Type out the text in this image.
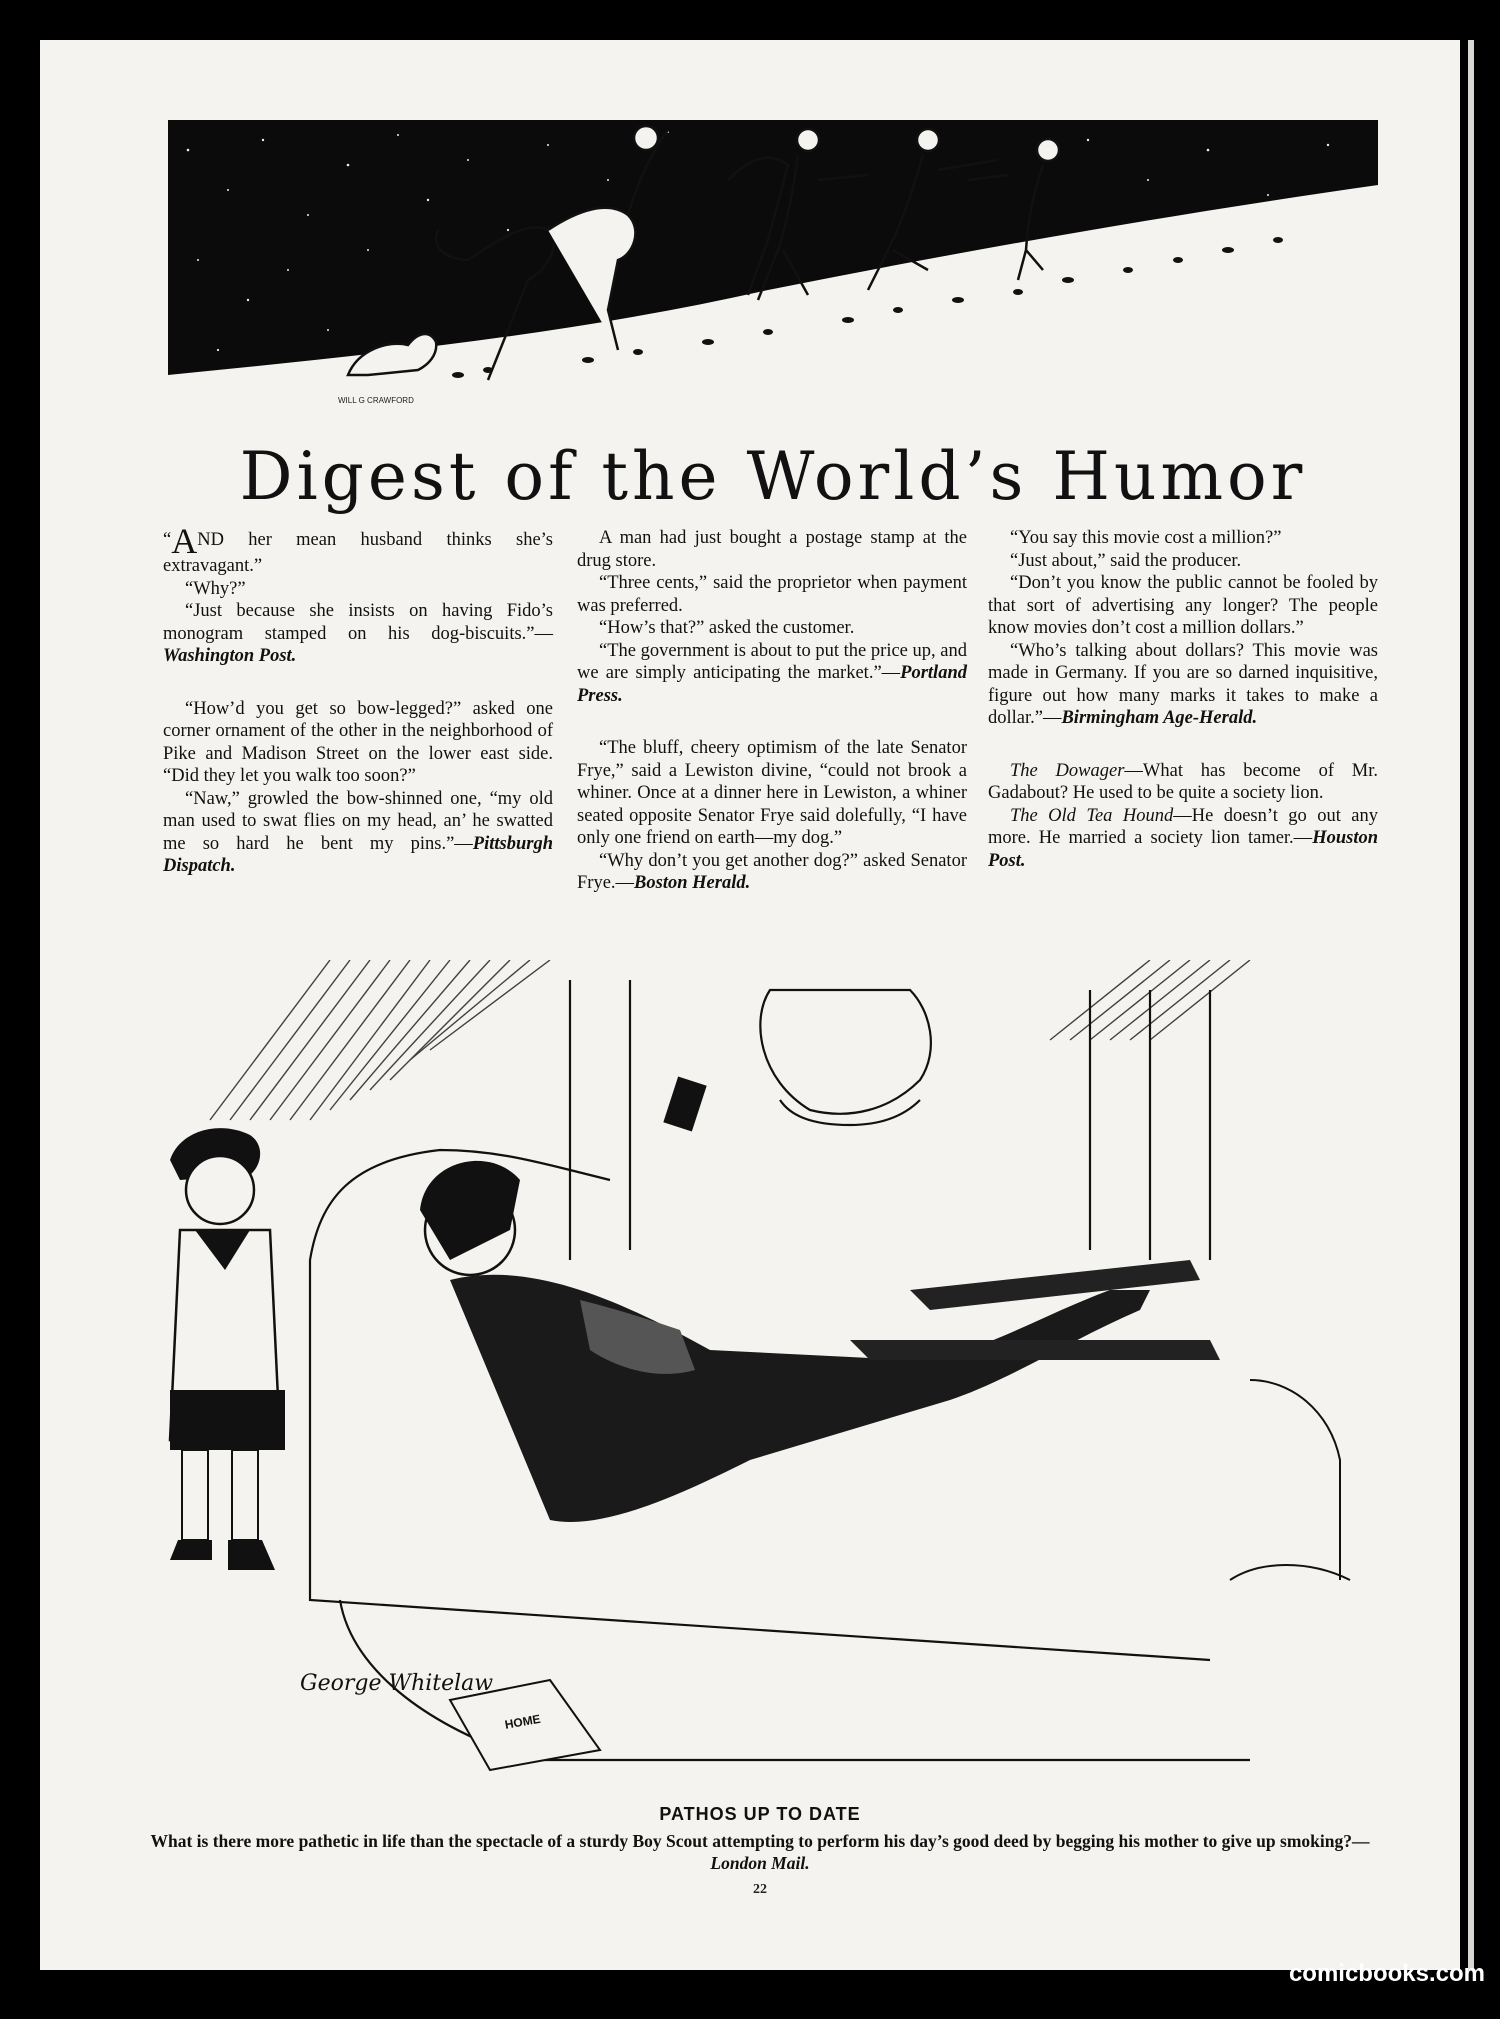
WILL G CRAWFORD
Digest of the World’s Humor

“AND her mean husband thinks she’s extravagant.”

“Why?”

“Just because she insists on having Fido’s monogram stamped on his dog-biscuits.”—Washington Post.

“How’d you get so bow-legged?” asked one corner ornament of the other in the neighborhood of Pike and Madison Street on the lower east side. “Did they let you walk too soon?”

“Naw,” growled the bow-shinned one, “my old man used to swat flies on my head, an’ he swatted me so hard he bent my pins.”—Pittsburgh Dispatch.

A man had just bought a postage stamp at the drug store.

“Three cents,” said the proprietor when payment was preferred.

“How’s that?” asked the customer.

“The government is about to put the price up, and we are simply anticipating the market.”—Portland Press.

“The bluff, cheery optimism of the late Senator Frye,” said a Lewiston divine, “could not brook a whiner. Once at a dinner here in Lewiston, a whiner seated opposite Senator Frye said dolefully, “I have only one friend on earth—my dog.”

“Why don’t you get another dog?” asked Senator Frye.—Boston Herald.

“You say this movie cost a million?”

“Just about,” said the producer.

“Don’t you know the public cannot be fooled by that sort of advertising any longer? The people know movies don’t cost a million dollars.”

“Who’s talking about dollars? This movie was made in Germany. If you are so darned inquisitive, figure out how many marks it takes to make a dollar.”—Birmingham Age-Herald.

The Dowager—What has become of Mr. Gadabout? He used to be quite a society lion.

The Old Tea Hound—He doesn’t go out any more. He married a society lion tamer.—Houston Post.

HOME
George Whitelaw
PATHOS UP TO DATE
What is there more pathetic in life than the spectacle of a sturdy Boy Scout attempting to perform his day’s good deed by begging his mother to give up smoking?—London Mail.
22
comicbooks.com
